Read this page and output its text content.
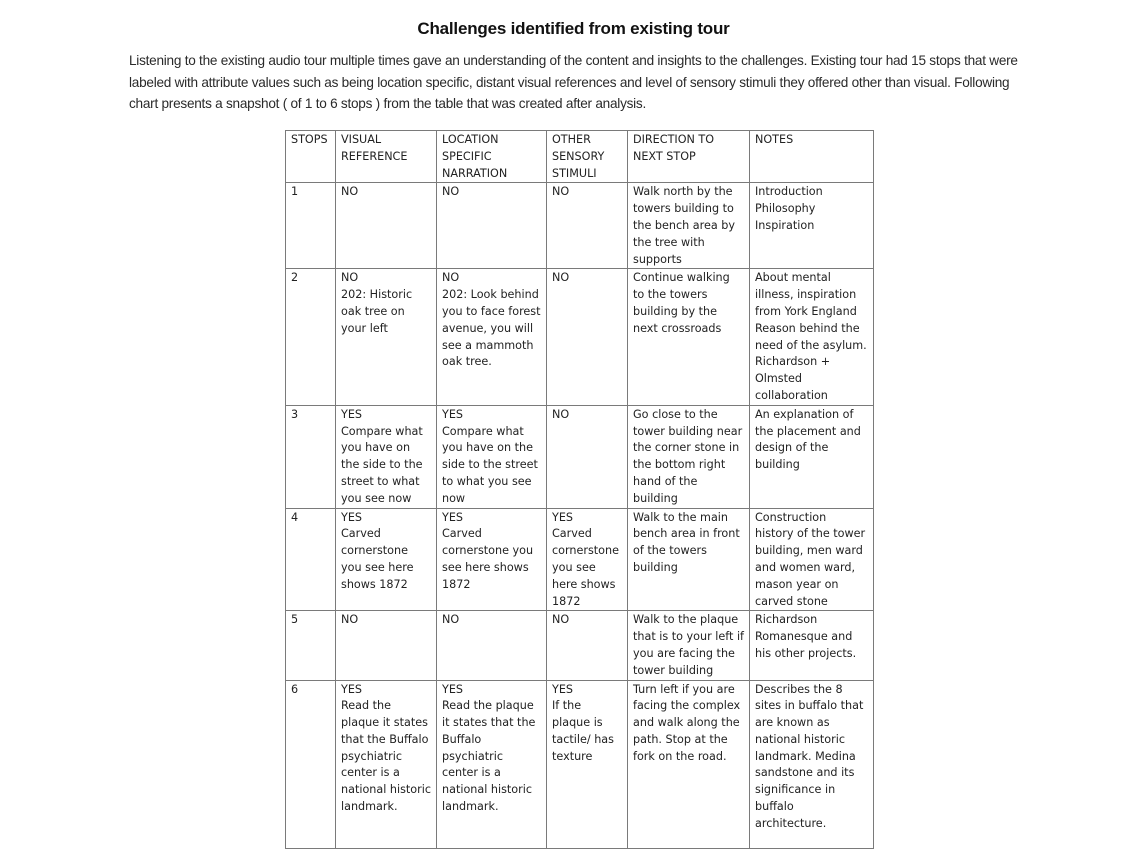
Challenges identified from existing tour

Listening to the existing audio tour multiple times gave an understanding of the content and insights to the challenges. Existing tour had 15 stops that were labeled with attribute values such as being location specific, distant visual references and level of sensory stimuli they offered other than visual. Following chart presents a snapshot ( of 1 to 6 stops ) from the table that was created after analysis.

STOPS	VISUAL REFERENCE	LOCATION SPECIFIC NARRATION	OTHER SENSORY STIMULI	DIRECTION TO NEXT STOP	NOTES

1	NO	NO	NO	Walk north by the towers building to the bench area by the tree with supports	Introduction
Philosophy
Inspiration

2	NO
202: Historic oak tree on your left	NO
202: Look behind you to face forest avenue, you will see a mammoth oak tree.	NO	Continue walking to the towers building by the next crossroads	About mental illness, inspiration from York England
Reason behind the need of the asylum.
Richardson + Olmsted collaboration

3	YES
Compare what you have on the side to the street to what you see now	YES
Compare what you have on the side to the street to what you see now	NO	Go close to the tower building near the corner stone in the bottom right hand of the building	An explanation of the placement and design of the building

4	YES
Carved cornerstone you see here shows 1872	YES
Carved cornerstone you see here shows 1872	YES
Carved cornerstone you see here shows 1872	Walk to the main bench area in front of the towers building	Construction history of the tower building, men ward and women ward, mason year on carved stone

5	NO	NO	NO	Walk to the plaque that is to your left if you are facing the tower building	Richardson Romanesque and his other projects.

6	YES
Read the plaque it states that the Buffalo psychiatric center is a national historic landmark.	YES
Read the plaque it states that the Buffalo psychiatric center is a national historic landmark.	YES
If the plaque is tactile/ has texture	Turn left if you are facing the complex and walk along the path. Stop at the fork on the road.	Describes the 8 sites in buffalo that are known as national historic landmark. Medina sandstone and its significance in buffalo architecture.
